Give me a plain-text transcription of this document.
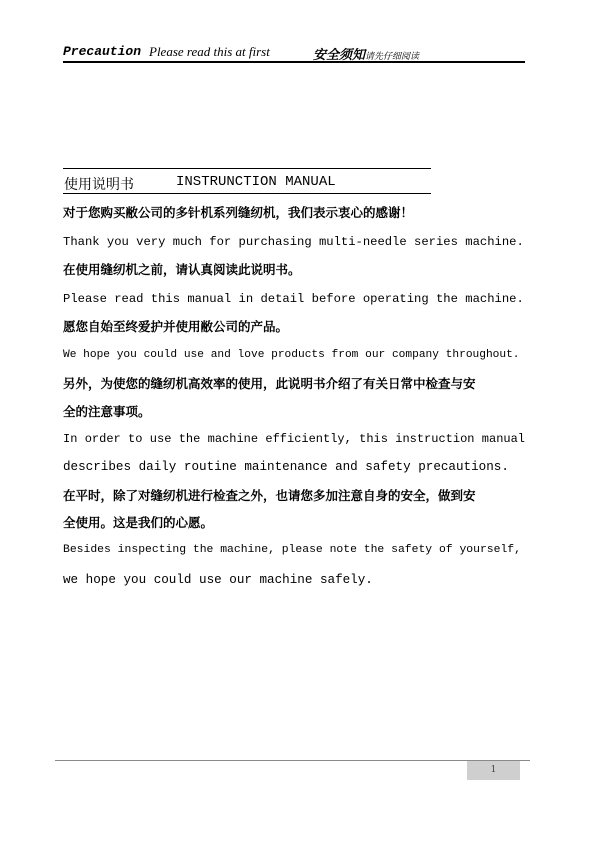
Precaution Please read this at first	安全须知请先仔细阅读
使用说明书	INSTRUNCTION MANUAL
对于您购买敝公司的多针机系列缝纫机，我们表示衷心的感谢！
Thank you very much for purchasing multi-needle series machine.
在使用缝纫机之前，请认真阅读此说明书。
Please read this manual in detail before operating the machine.
愿您自始至终爱护并使用敝公司的产品。
We hope you could use and love products from our company throughout.
另外，为使您的缝纫机高效率的使用，此说明书介绍了有关日常中检查与安
全的注意事项。
In order to use the machine efficiently, this instruction manual
describes daily routine maintenance and safety precautions.
在平时，除了对缝纫机进行检查之外，也请您多加注意自身的安全，做到安
全使用。这是我们的心愿。
Besides inspecting the machine, please note the safety of yourself,
we hope you could use our machine safely.
1
